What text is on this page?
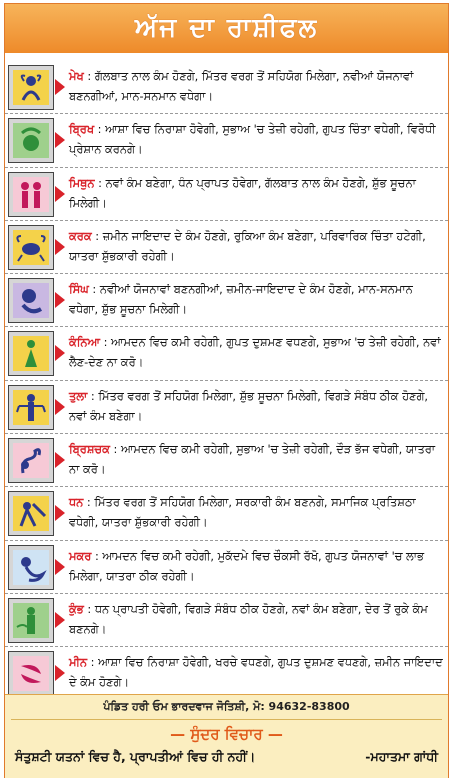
ਅੱਜ ਦਾ ਰਾਸ਼ੀਫਲ
ਮੇਖ : ਗੱਲਬਾਤ ਨਾਲ ਕੰਮ ਹੋਣਗੇ, ਮਿੱਤਰ ਵਰਗ ਤੋਂ ਸਹਿਯੋਗ ਮਿਲੇਗਾ, ਨਵੀਆਂ ਯੋਜਨਾਵਾਂ ਬਣਨਗੀਆਂ, ਮਾਨ-ਸਨਮਾਨ ਵਧੇਗਾ।
ਬ੍ਰਿਖ : ਆਸ਼ਾ ਵਿਚ ਨਿਰਾਸ਼ਾ ਹੋਵੇਗੀ, ਸੁਭਾਅ 'ਚ ਤੇਜ਼ੀ ਰਹੇਗੀ, ਗੁਪਤ ਚਿੰਤਾ ਵਧੇਗੀ, ਵਿਰੋਧੀ ਪ੍ਰੇਸ਼ਾਨ ਕਰਨਗੇ।
ਮਿਥੁਨ : ਨਵਾਂ ਕੰਮ ਬਣੇਗਾ, ਧੰਨ ਪ੍ਰਾਪਤ ਹੋਵੇਗਾ, ਗੱਲਬਾਤ ਨਾਲ ਕੰਮ ਹੋਣਗੇ, ਸ਼ੁੱਭ ਸੂਚਨਾ ਮਿਲੇਗੀ।
ਕਰਕ : ਜ਼ਮੀਨ ਜਾਇਦਾਦ ਦੇ ਕੰਮ ਹੋਣਗੇ, ਰੁਕਿਆ ਕੰਮ ਬਣੇਗਾ, ਪਰਿਵਾਰਿਕ ਚਿੰਤਾ ਹਟੇਗੀ, ਯਾਤਰਾ ਸ਼ੁੱਭਕਾਰੀ ਰਹੇਗੀ।
ਸਿੰਘ : ਨਵੀਆਂ ਯੋਜਨਾਵਾਂ ਬਣਨਗੀਆਂ, ਜ਼ਮੀਨ-ਜਾਇਦਾਦ ਦੇ ਕੰਮ ਹੋਣਗੇ, ਮਾਨ-ਸਨਮਾਨ ਵਧੇਗਾ, ਸ਼ੁੱਭ ਸੂਚਨਾ ਮਿਲੇਗੀ।
ਕੰਨਿਆ : ਆਮਦਨ ਵਿਚ ਕਮੀ ਰਹੇਗੀ, ਗੁਪਤ ਦੁਸ਼ਮਣ ਵਧਣਗੇ, ਸੁਭਾਅ 'ਚ ਤੇਜ਼ੀ ਰਹੇਗੀ, ਨਵਾਂ ਲੈਣ-ਦੇਣ ਨਾ ਕਰੋ।
ਤੁਲਾ : ਮਿੱਤਰ ਵਰਗ ਤੋਂ ਸਹਿਯੋਗ ਮਿਲੇਗਾ, ਸ਼ੁੱਭ ਸੂਚਨਾ ਮਿਲੇਗੀ, ਵਿਗੜੇ ਸੰਬੰਧ ਠੀਕ ਹੋਣਗੇ, ਨਵਾਂ ਕੰਮ ਬਣੇਗਾ।
ਬ੍ਰਿਸ਼ਚਕ : ਆਮਦਨ ਵਿਚ ਕਮੀ ਰਹੇਗੀ, ਸੁਭਾਅ 'ਚ ਤੇਜ਼ੀ ਰਹੇਗੀ, ਦੌੜ ਭੱਜ ਵਧੇਗੀ, ਯਾਤਰਾ ਨਾ ਕਰੋ।
ਧਨ : ਮਿੱਤਰ ਵਰਗ ਤੋਂ ਸਹਿਯੋਗ ਮਿਲੇਗਾ, ਸਰਕਾਰੀ ਕੰਮ ਬਣਨਗੇ, ਸਮਾਜਿਕ ਪ੍ਰਤਿਸ਼ਠਾ ਵਧੇਗੀ, ਯਾਤਰਾ ਸ਼ੁੱਭਕਾਰੀ ਰਹੇਗੀ।
ਮਕਰ : ਆਮਦਨ ਵਿਚ ਕਮੀ ਰਹੇਗੀ, ਮੁਕੱਦਮੇ ਵਿਚ ਚੌਕਸੀ ਰੱਖੋ, ਗੁਪਤ ਯੋਜਨਾਵਾਂ 'ਚ ਲਾਭ ਮਿਲੇਗਾ, ਯਾਤਰਾ ਠੀਕ ਰਹੇਗੀ।
ਕੁੰਭ : ਧਨ ਪ੍ਰਾਪਤੀ ਹੋਵੇਗੀ, ਵਿਗੜੇ ਸੰਬੰਧ ਠੀਕ ਹੋਣਗੇ, ਨਵਾਂ ਕੰਮ ਬਣੇਗਾ, ਦੇਰ ਤੋਂ ਰੁਕੇ ਕੰਮ ਬਣਨਗੇ।
ਮੀਨ : ਆਸ਼ਾ ਵਿਚ ਨਿਰਾਸ਼ਾ ਹੋਵੇਗੀ, ਖਰਚੇ ਵਧਣਗੇ, ਗੁਪਤ ਦੁਸ਼ਮਣ ਵਧਣਗੇ, ਜ਼ਮੀਨ ਜਾਇਦਾਦ ਦੇ ਕੰਮ ਹੋਣਗੇ।
ਪੰਡਿਤ ਹਰੀ ਓਮ ਭਾਰਦਵਾਜ ਜੋਤਿਸ਼ੀ, ਮੋ: 94632-83800
— ਸੁੰਦਰ ਵਿਚਾਰ —
ਸੰਤੁਸ਼ਟੀ ਯਤਨਾਂ ਵਿਚ ਹੈ, ਪ੍ਰਾਪਤੀਆਂ ਵਿਚ ਹੀ ਨਹੀਂ।	-ਮਹਾਤਮਾ ਗਾਂਧੀ
